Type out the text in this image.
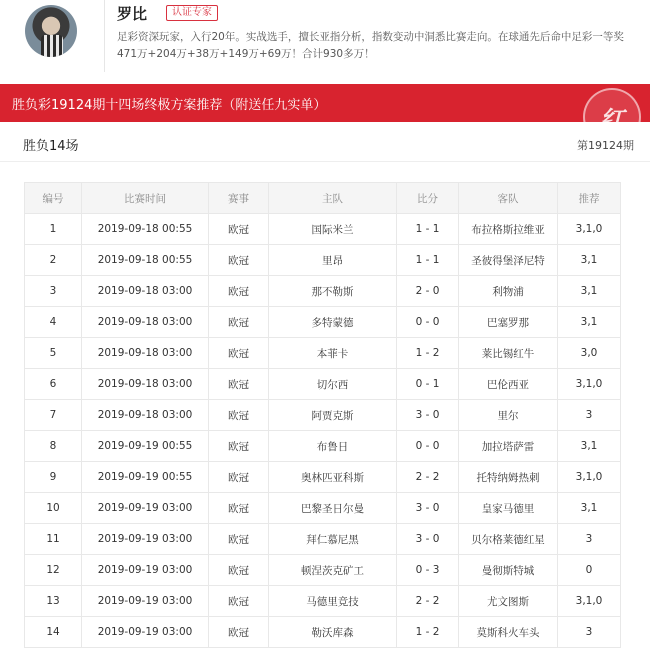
罗比	认证专家
足彩资深玩家，入行20年。实战选手，擅长亚指分析，指数变动中洞悉比赛走向。在球通先后命中足彩一等奖471万+204万+38万+149万+69万！合计930多万！
胜负彩19124期十四场终极方案推荐（附送任九实单）
红
胜负14场	第19124期
编号	比赛时间	赛事	主队	比分	客队	推荐
1	2019-09-18 00:55	欧冠	国际米兰	1 - 1	布拉格斯拉维亚	3,1,0
2	2019-09-18 00:55	欧冠	里昂	1 - 1	圣彼得堡泽尼特	3,1
3	2019-09-18 03:00	欧冠	那不勒斯	2 - 0	利物浦	3,1
4	2019-09-18 03:00	欧冠	多特蒙德	0 - 0	巴塞罗那	3,1
5	2019-09-18 03:00	欧冠	本菲卡	1 - 2	莱比锡红牛	3,0
6	2019-09-18 03:00	欧冠	切尔西	0 - 1	巴伦西亚	3,1,0
7	2019-09-18 03:00	欧冠	阿贾克斯	3 - 0	里尔	3
8	2019-09-19 00:55	欧冠	布鲁日	0 - 0	加拉塔萨雷	3,1
9	2019-09-19 00:55	欧冠	奥林匹亚科斯	2 - 2	托特纳姆热刺	3,1,0
10	2019-09-19 03:00	欧冠	巴黎圣日尔曼	3 - 0	皇家马德里	3,1
11	2019-09-19 03:00	欧冠	拜仁慕尼黑	3 - 0	贝尔格莱德红星	3
12	2019-09-19 03:00	欧冠	顿涅茨克矿工	0 - 3	曼彻斯特城	0
13	2019-09-19 03:00	欧冠	马德里竞技	2 - 2	尤文图斯	3,1,0
14	2019-09-19 03:00	欧冠	勒沃库森	1 - 2	莫斯科火车头	3
